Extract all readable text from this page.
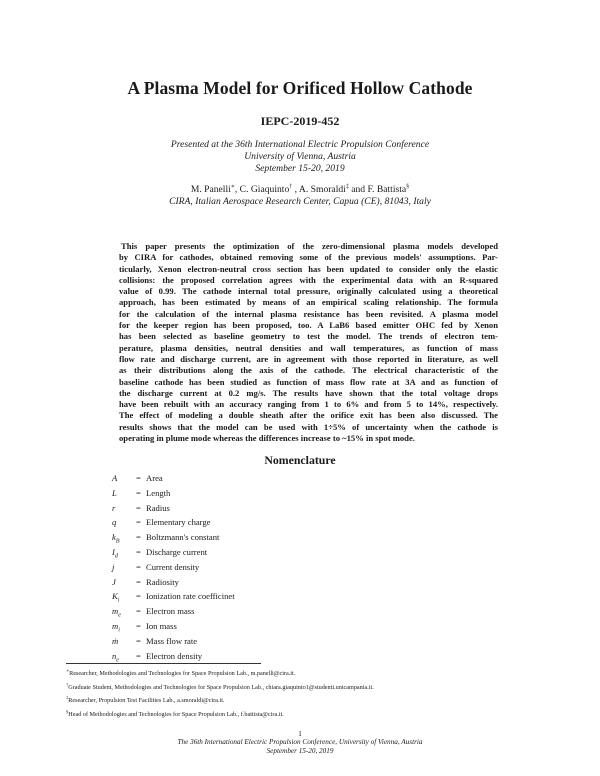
A Plasma Model for Orificed Hollow Cathode
IEPC-2019-452
Presented at the 36th International Electric Propulsion Conference
University of Vienna, Austria
September 15-20, 2019
M. Panelli∗, C. Giaquinto† , A. Smoraldi‡ and F. Battista§
CIRA, Italian Aerospace Research Center, Capua (CE), 81043, Italy
This paper presents the optimization of the zero-dimensional plasma models developed
by CIRA for cathodes, obtained removing some of the previous models' assumptions. Par-
ticularly, Xenon electron-neutral cross section has been updated to consider only the elastic
collisions: the proposed correlation agrees with the experimental data with an R-squared
value of 0.99. The cathode internal total pressure, originally calculated using a theoretical
approach, has been estimated by means of an empirical scaling relationship. The formula
for the calculation of the internal plasma resistance has been revisited. A plasma model
for the keeper region has been proposed, too. A LaB6 based emitter OHC fed by Xenon
has been selected as baseline geometry to test the model. The trends of electron tem-
perature, plasma densities, neutral densities and wall temperatures, as function of mass
flow rate and discharge current, are in agreement with those reported in literature, as well
as their distributions along the axis of the cathode. The electrical characteristic of the
baseline cathode has been studied as function of mass flow rate at 3A and as function of
the discharge current at 0.2 mg/s. The results have shown that the total voltage drops
have been rebuilt with an accuracy ranging from 1 to 6% and from 5 to 14%, respectively.
The effect of modeling a double sheath after the orifice exit has been also discussed. The
results shows that the model can be used with 1÷5% of uncertainty when the cathode is
operating in plume mode whereas the differences increase to ~15% in spot mode.
Nomenclature
A	= Area
L	= Length
r	= Radius
q	= Elementary charge
$k_B$	= Boltzmann's constant
$I_d$	= Discharge current
j	= Current density
J	= Radiosity
$K_i$	= Ionization rate coefficinet
$m_e$	= Electron mass
$m_i$	= Ion mass
ṁ	= Mass flow rate
$n_e$	= Electron density
∗Researcher, Methodologies and Technologies for Space Propulsion Lab., m.panelli@cira.it.
†Graduate Student, Methodologies and Technologies for Space Propulsion Lab., chiara.giaquinto1@studenti.unicampania.it.
‡Researcher, Propulsion Test Facilities Lab., a.smoraldi@cira.it.
§Head of Methodologies and Technologies for Space Propulsion Lab., f.battista@cira.it.
1
The 36th International Electric Propulsion Conference, University of Vienna, Austria
September 15-20, 2019
